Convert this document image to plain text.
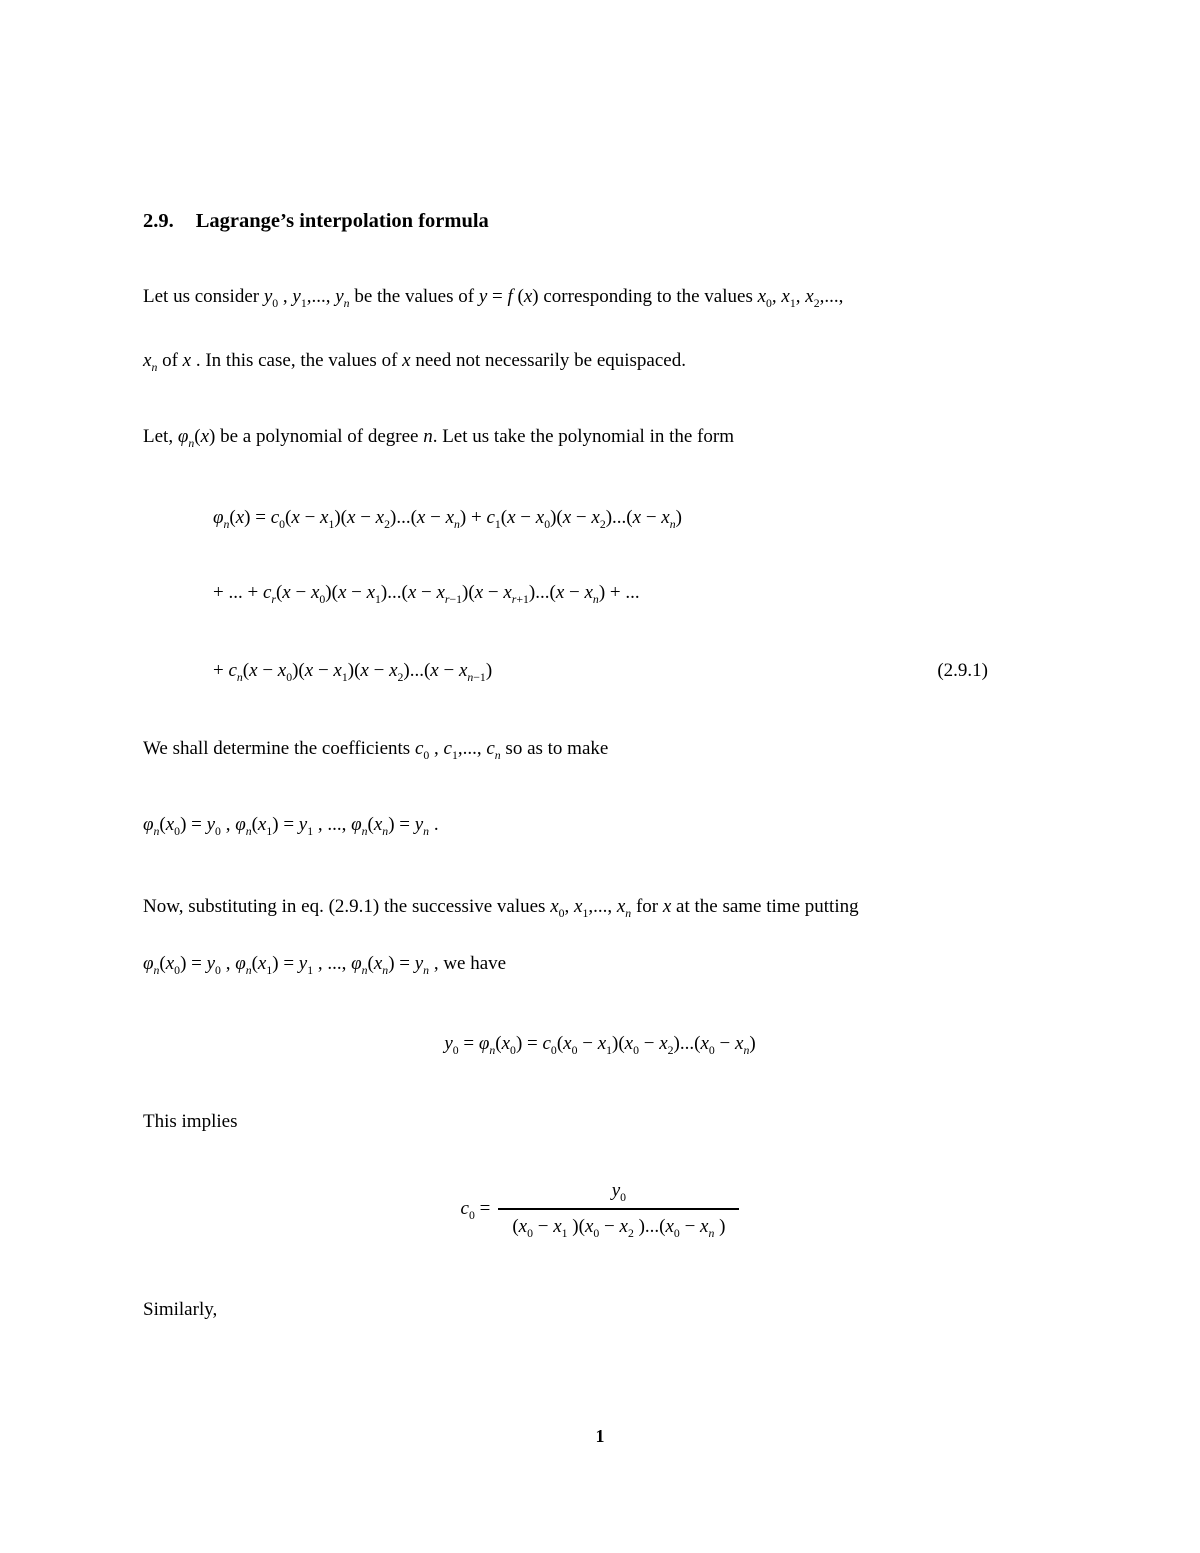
2.9. Lagrange’s interpolation formula
Let us consider $y_0$ , $y_1$,..., $y_n$ be the values of y = f (x) corresponding to the values $x_0$, $x_1$, $x_2$,...,
$x_n$ of x . In this case, the values of x need not necessarily be equispaced.
Let, $\varphi_n(x)$ be a polynomial of degree n. Let us take the polynomial in the form
$\varphi_n(x) = c_0(x - x_1)(x - x_2)...(x - x_n) + c_1(x - x_0)(x - x_2)...(x - x_n)$
+ ... + $c_r(x - x_0)(x - x_1)...(x - x_{r-1})(x - x_{r+1})...(x - x_n)$ + ...
+ $c_n(x - x_0)(x - x_1)(x - x_2)...(x - x_{n-1})$	(2.9.1)
We shall determine the coefficients $c_0$ , $c_1$,..., $c_n$ so as to make
$\varphi_n(x_0) = y_0$ , $\varphi_n(x_1) = y_1$ , ..., $\varphi_n(x_n) = y_n$ .
Now, substituting in eq. (2.9.1) the successive values $x_0$, $x_1$,..., $x_n$ for x at the same time putting
$\varphi_n(x_0) = y_0$ , $\varphi_n(x_1) = y_1$ , ..., $\varphi_n(x_n) = y_n$ , we have
$y_0 = \varphi_n(x_0) = c_0(x_0 - x_1)(x_0 - x_2)...(x_0 - x_n)$
This implies
$c_0 = \frac{y_0}{(x_0 - x_1 )(x_0 - x_2 )...(x_0 - x_n )}$
Similarly,
1
